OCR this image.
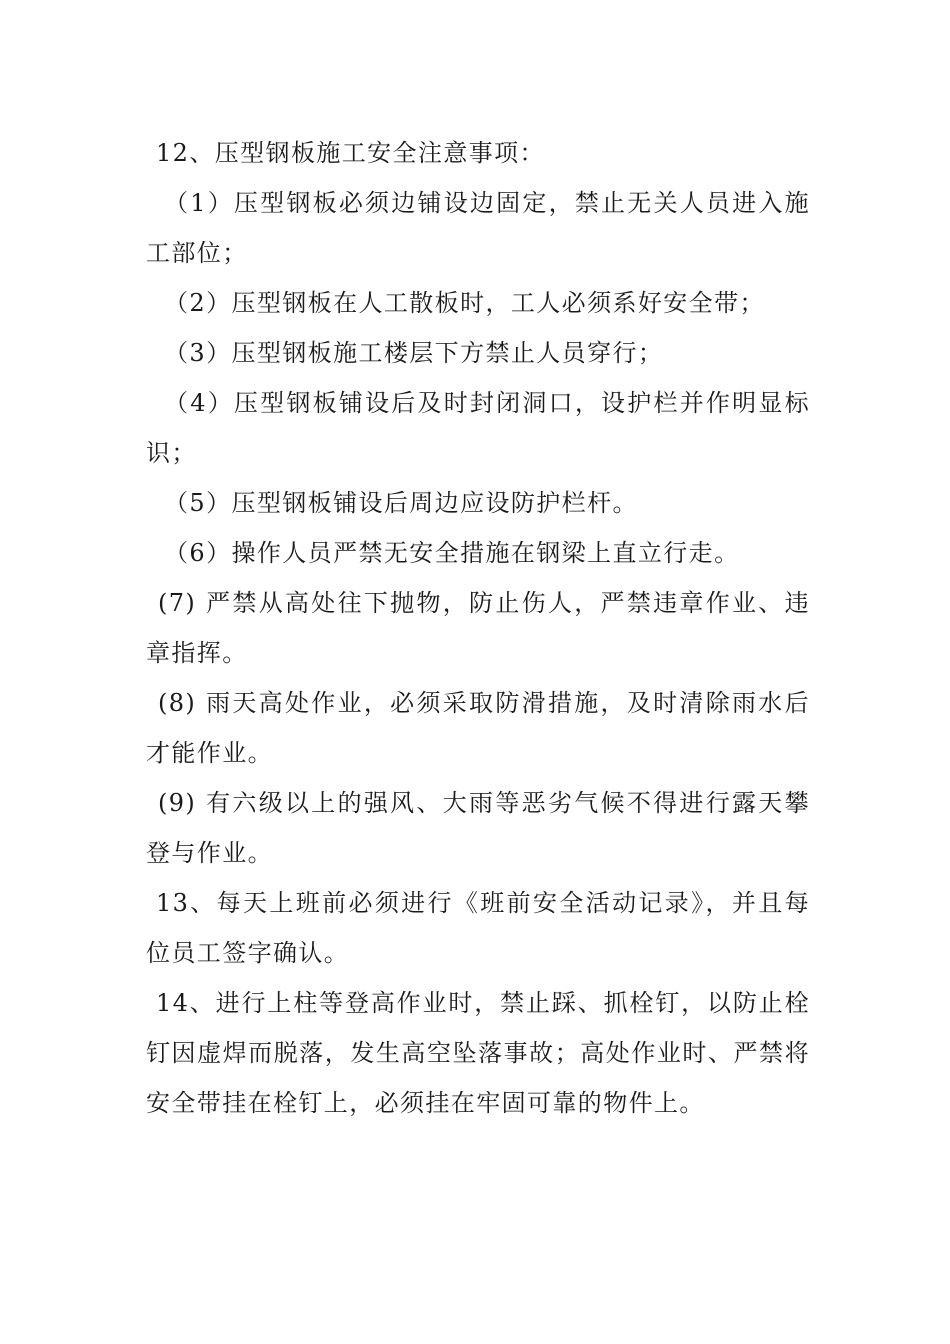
12、压型钢板施工安全注意事项：

（1）压型钢板必须边铺设边固定，禁止无关人员进入施工部位；

（2）压型钢板在人工散板时，工人必须系好安全带；

（3）压型钢板施工楼层下方禁止人员穿行；

（4）压型钢板铺设后及时封闭洞口，设护栏并作明显标识；

（5）压型钢板铺设后周边应设防护栏杆。

（6）操作人员严禁无安全措施在钢梁上直立行走。

(7) 严禁从高处往下抛物，防止伤人，严禁违章作业、违章指挥。

(8) 雨天高处作业，必须采取防滑措施，及时清除雨水后才能作业。

(9) 有六级以上的强风、大雨等恶劣气候不得进行露天攀登与作业。

13、每天上班前必须进行《班前安全活动记录》，并且每位员工签字确认。

14、进行上柱等登高作业时，禁止踩、抓栓钉，以防止栓钉因虚焊而脱落，发生高空坠落事故；高处作业时、严禁将安全带挂在栓钉上，必须挂在牢固可靠的物件上。
